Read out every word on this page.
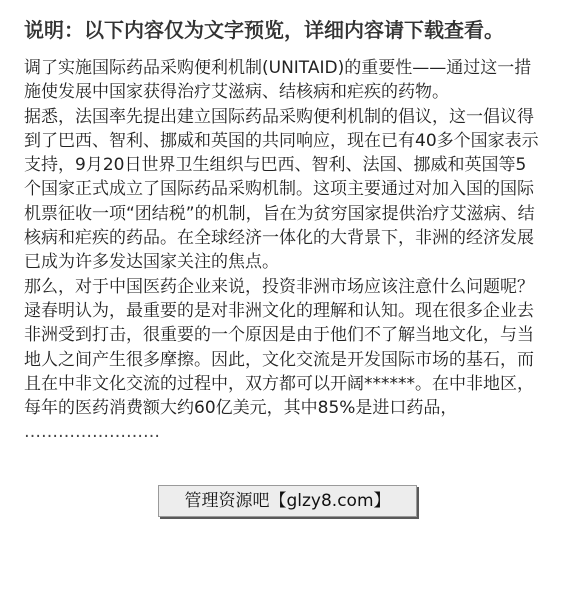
说明：以下内容仅为文字预览，详细内容请下载查看。

调了实施国际药品采购便利机制(UNITAID)的重要性——通过这一措施使发展中国家获得治疗艾滋病、结核病和疟疾的药物。

据悉，法国率先提出建立国际药品采购便利机制的倡议，这一倡议得到了巴西、智利、挪威和英国的共同响应，现在已有40多个国家表示支持，9月20日世界卫生组织与巴西、智利、法国、挪威和英国等5个国家正式成立了国际药品采购机制。这项主要通过对加入国的国际机票征收一项“团结税”的机制，旨在为贫穷国家提供治疗艾滋病、结核病和疟疾的药品。在全球经济一体化的大背景下，非洲的经济发展已成为许多发达国家关注的焦点。

那么，对于中国医药企业来说，投资非洲市场应该注意什么问题呢？

逯春明认为，最重要的是对非洲文化的理解和认知。现在很多企业去非洲受到打击，很重要的一个原因是由于他们不了解当地文化，与当地人之间产生很多摩擦。因此，文化交流是开发国际市场的基石，而且在中非文化交流的过程中，双方都可以开阔******。在中非地区，每年的医药消费额大约60亿美元，其中85%是进口药品，

……………………

管理资源吧【glzy8.com】
